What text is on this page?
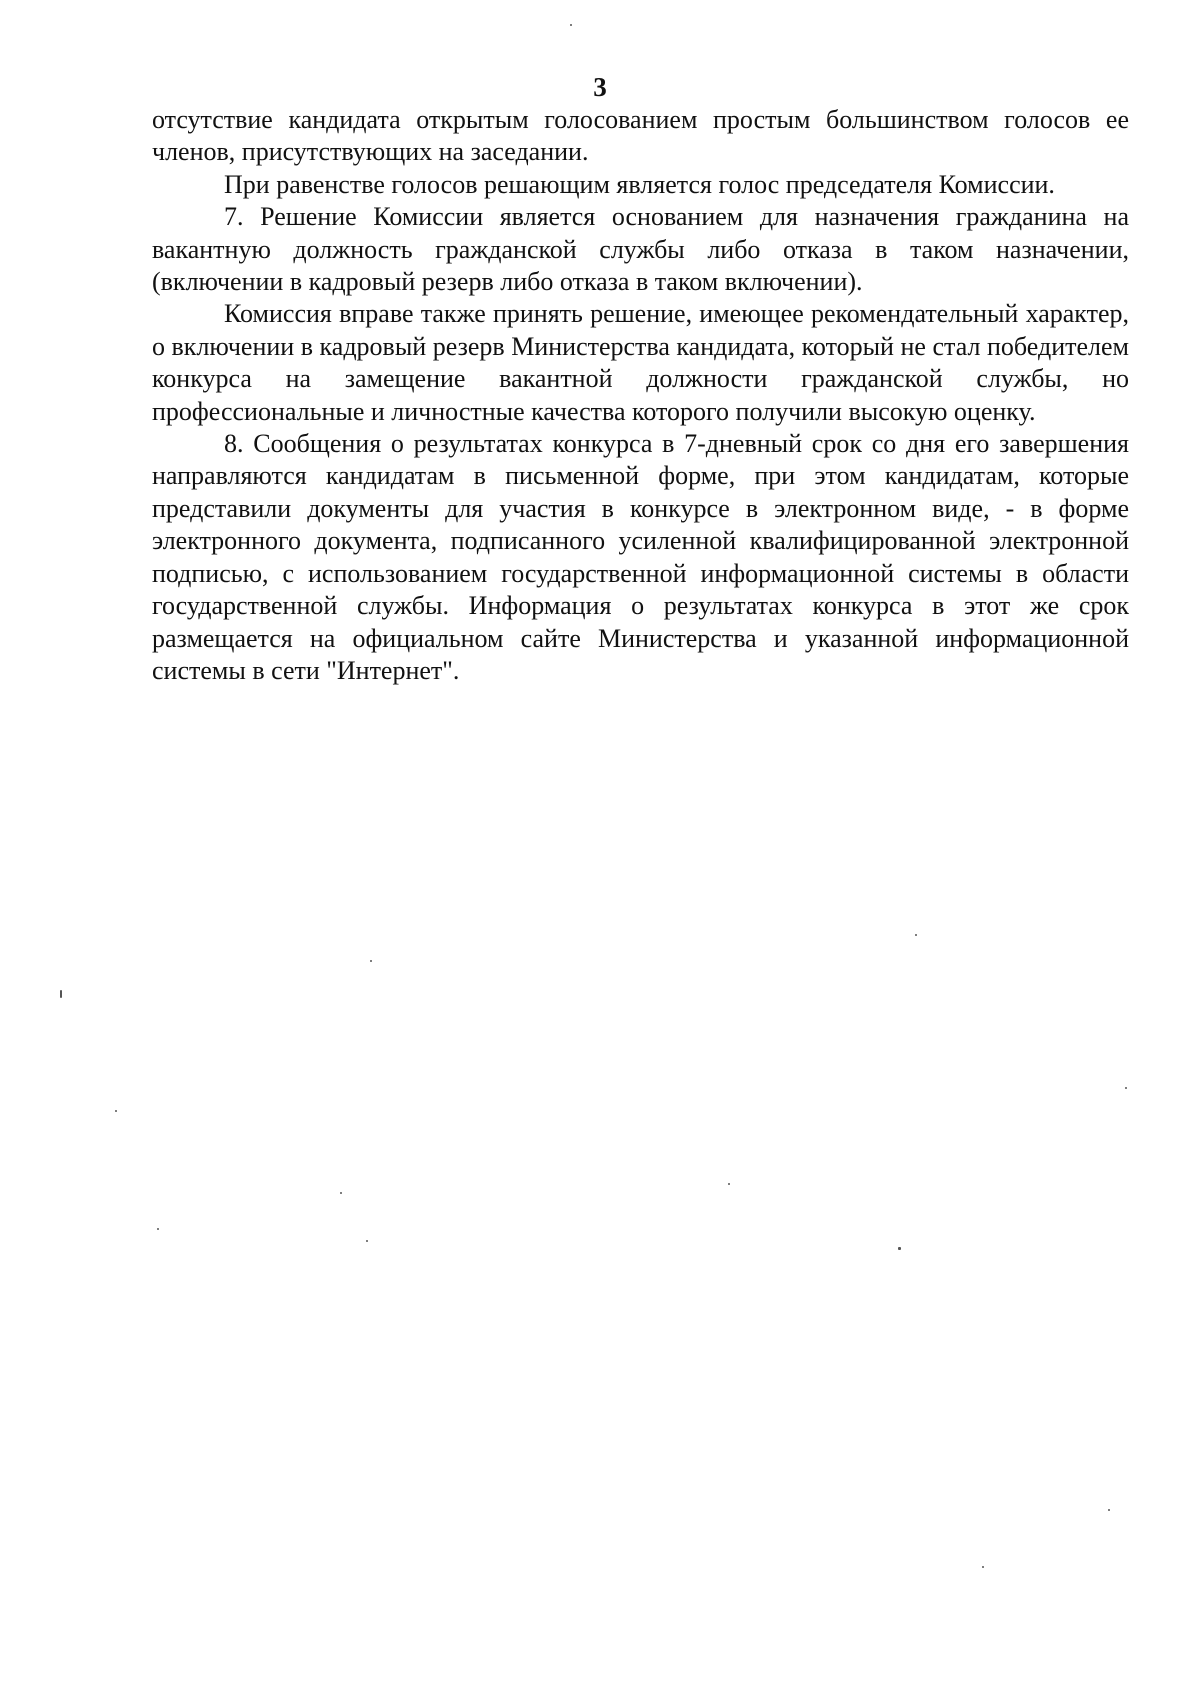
3

отсутствие кандидата открытым голосованием простым большинством голосов ее членов, присутствующих на заседании.

При равенстве голосов решающим является голос председателя Комиссии.

7. Решение Комиссии является основанием для назначения гражданина на вакантную должность гражданской службы либо отказа в таком назначении, (включении в кадровый резерв либо отказа в таком включении).

Комиссия вправе также принять решение, имеющее рекомендательный характер, о включении в кадровый резерв Министерства кандидата, который не стал победителем конкурса на замещение вакантной должности гражданской службы, но профессиональные и личностные качества которого получили высокую оценку.

8. Сообщения о результатах конкурса в 7-дневный срок со дня его завершения направляются кандидатам в письменной форме, при этом кандидатам, которые представили документы для участия в конкурсе в электронном виде, - в форме электронного документа, подписанного усиленной квалифицированной электронной подписью, с использованием государственной информационной системы в области государственной службы. Информация о результатах конкурса в этот же срок размещается на официальном сайте Министерства и указанной информационной системы в сети "Интернет".
